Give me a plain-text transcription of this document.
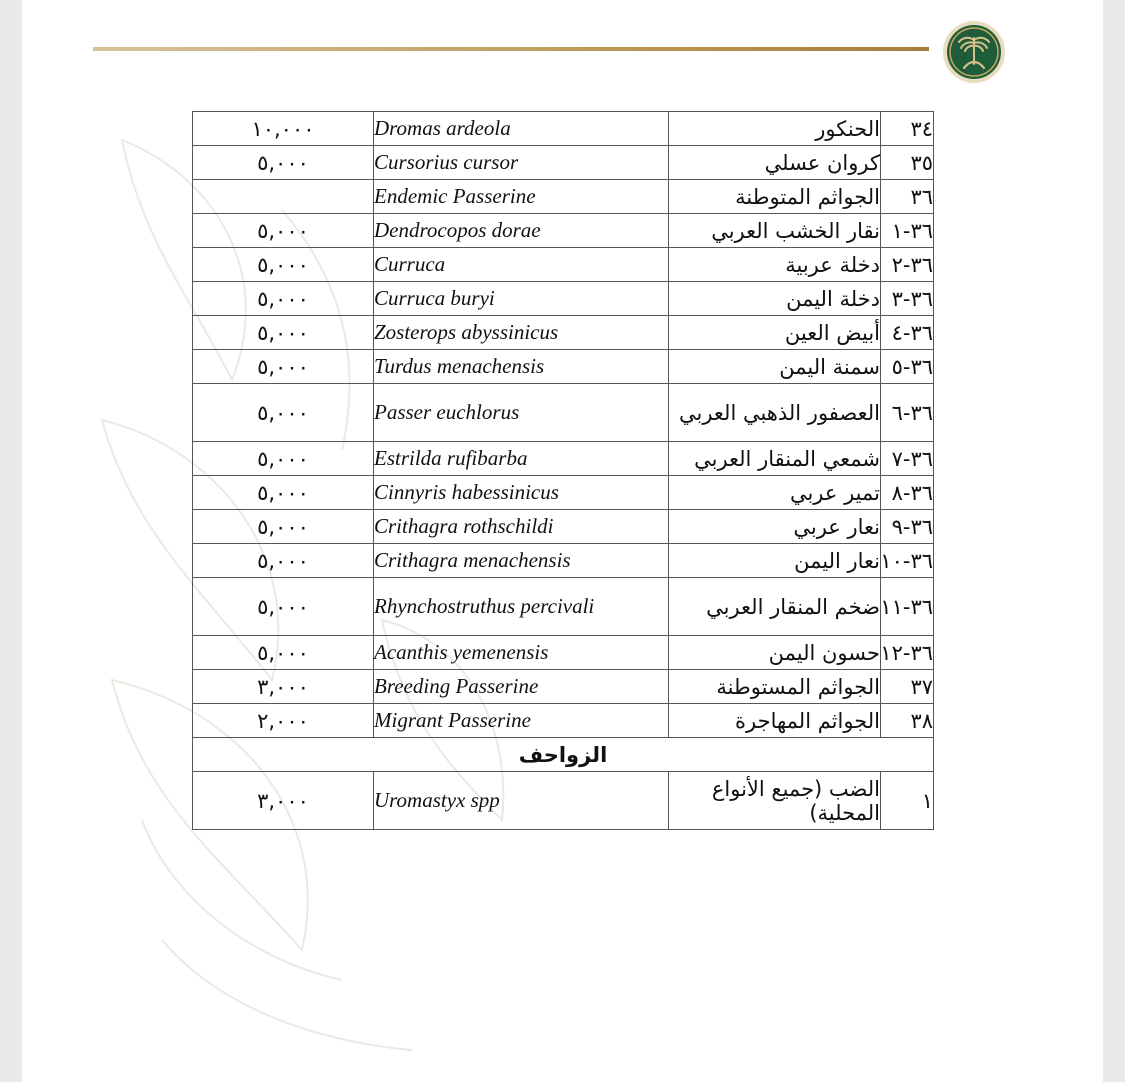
١٠,٠٠٠	Dromas ardeola	الحنكور	٣٤
٥,٠٠٠	Cursorius cursor	كروان عسلي	٣٥
	Endemic Passerine	الجواثم المتوطنة	٣٦
٥,٠٠٠	Dendrocopos dorae	نقار الخشب العربي	٣٦-١
٥,٠٠٠	Curruca	دخلة عربية	٣٦-٢
٥,٠٠٠	Curruca buryi	دخلة اليمن	٣٦-٣
٥,٠٠٠	Zosterops abyssinicus	أبيض العين	٣٦-٤
٥,٠٠٠	Turdus menachensis	سمنة اليمن	٣٦-٥
٥,٠٠٠	Passer euchlorus	العصفور الذهبي العربي	٣٦-٦
٥,٠٠٠	Estrilda rufibarba	شمعي المنقار العربي	٣٦-٧
٥,٠٠٠	Cinnyris habessinicus	تمير عربي	٣٦-٨
٥,٠٠٠	Crithagra rothschildi	نعار عربي	٣٦-٩
٥,٠٠٠	Crithagra menachensis	نعار اليمن	٣٦-١٠
٥,٠٠٠	Rhynchostruthus percivali	ضخم المنقار العربي	٣٦-١١
٥,٠٠٠	Acanthis yemenensis	حسون اليمن	٣٦-١٢
٣,٠٠٠	Breeding Passerine	الجواثم المستوطنة	٣٧
٢,٠٠٠	Migrant Passerine	الجواثم المهاجرة	٣٨
الزواحف			
٣,٠٠٠	Uromastyx spp	الضب (جميع الأنواع المحلية)	١
